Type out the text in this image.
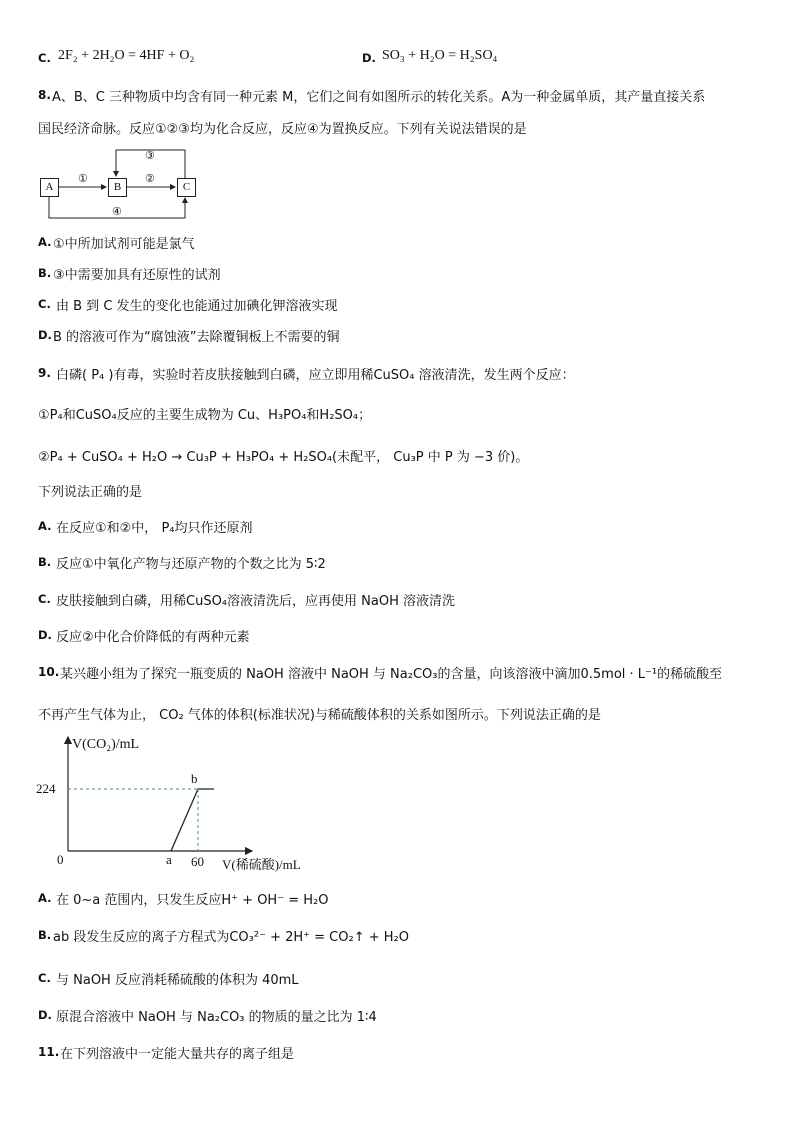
C. 2F₂ + 2H₂O = 4HF + O₂	D. SO₃ + H₂O = H₂SO₄
8. A、B、C 三种物质中均含有同一种元素 M，它们之间有如图所示的转化关系。A为一种金属单质，其产量直接关系
国民经济命脉。反应①②③均为化合反应，反应④为置换反应。下列有关说法错误的是
A	B	C
①	②
③
④
A. ①中所加试剂可能是氯气
B. ③中需要加具有还原性的试剂
C. 由 B 到 C 发生的变化也能通过加碘化钾溶液实现
D. B 的溶液可作为“腐蚀液”去除覆铜板上不需要的铜
9. 白磷( P₄ )有毒，实验时若皮肤接触到白磷，应立即用稀CuSO₄ 溶液清洗，发生两个反应：
①P₄和CuSO₄反应的主要生成物为 Cu、H₃PO₄和H₂SO₄；
②P₄ + CuSO₄ + H₂O → Cu₃P + H₃PO₄ + H₂SO₄(未配平， Cu₃P 中 P 为 −3 价)。
下列说法正确的是
A. 在反应①和②中， P₄均只作还原剂
B. 反应①中氧化产物与还原产物的个数之比为 5∶2
C. 皮肤接触到白磷，用稀CuSO₄溶液清洗后，应再使用 NaOH 溶液清洗
D. 反应②中化合价降低的有两种元素
10. 某兴趣小组为了探究一瓶变质的 NaOH 溶液中 NaOH 与 Na₂CO₃的含量，向该溶液中滴加0.5mol · L⁻¹的稀硫酸至
不再产生气体为止， CO₂ 气体的体积(标准状况)与稀硫酸体积的关系如图所示。下列说法正确的是
V(CO₂)/mL
V(稀硫酸)/mL
0
224
60
a
b
A. 在 0~a 范围内，只发生反应H⁺ + OH⁻ = H₂O
B. ab 段发生反应的离子方程式为CO₃²⁻ + 2H⁺ = CO₂↑ + H₂O
C. 与 NaOH 反应消耗稀硫酸的体积为 40mL
D. 原混合溶液中 NaOH 与 Na₂CO₃ 的物质的量之比为 1∶4
11. 在下列溶液中一定能大量共存的离子组是
